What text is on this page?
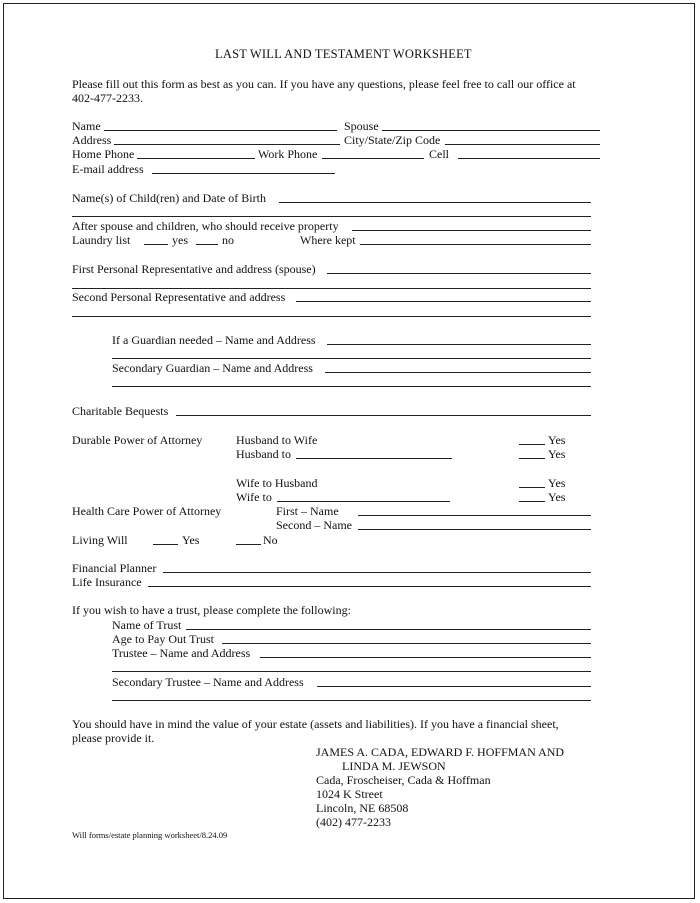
LAST WILL AND TESTAMENT WORKSHEET
Please fill out this form as best as you can. If you have any questions, please feel free to call our office at
402-477-2233.
Name	Spouse
Address	City/State/Zip Code
Home Phone	Work Phone	Cell
E-mail address
Name(s) of Child(ren) and Date of Birth
After spouse and children, who should receive property
Laundry list	yes	no	Where kept
First Personal Representative and address (spouse)
Second Personal Representative and address
If a Guardian needed – Name and Address
Secondary Guardian – Name and Address
Charitable Bequests
Durable Power of Attorney	Husband to Wife	Yes
Husband to	Yes
Wife to Husband	Yes
Wife to	Yes
Health Care Power of Attorney	First – Name
Second – Name
Living Will	Yes	No
Financial Planner
Life Insurance
If you wish to have a trust, please complete the following:
Name of Trust
Age to Pay Out Trust
Trustee – Name and Address
Secondary Trustee – Name and Address
You should have in mind the value of your estate (assets and liabilities). If you have a financial sheet,
please provide it.
JAMES A. CADA, EDWARD F. HOFFMAN AND
LINDA M. JEWSON
Cada, Froscheiser, Cada & Hoffman
1024 K Street
Lincoln, NE 68508
(402) 477-2233
Will forms/estate planning worksheet/8.24.09
